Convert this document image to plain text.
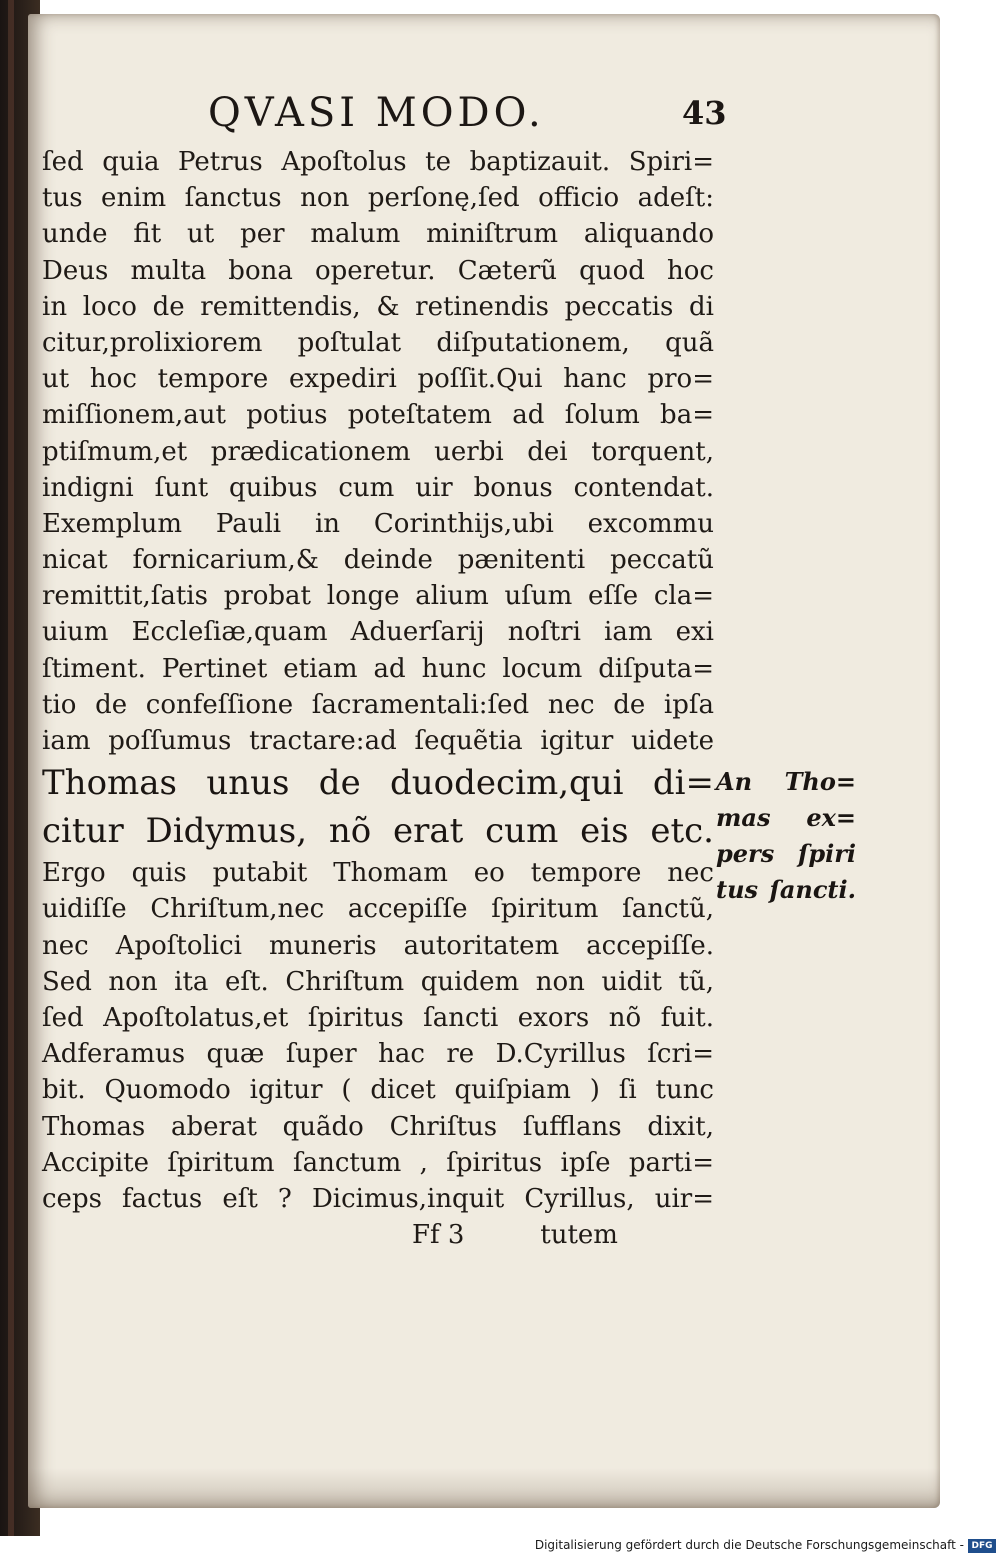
QVASI MODO.	43
ſed quia Petrus Apoſtolus te baptizauit. Spiri=
tus enim ſanctus non perſonę,ſed officio adeſt:
unde fit ut per malum miniſtrum aliquando
Deus multa bona operetur. Cæterũ quod hoc
in loco de remittendis, & retinendis peccatis di
citur,prolixiorem poſtulat diſputationem, quã
ut hoc tempore expediri poſſit.Qui hanc pro=
miſſionem,aut potius poteſtatem ad ſolum ba=
ptiſmum,et prædicationem uerbi dei torquent,
indigni ſunt quibus cum uir bonus contendat.
Exemplum Pauli in Corinthijs,ubi excommu
nicat fornicarium,& deinde pænitenti peccatũ
remittit,ſatis probat longe alium uſum eſſe cla=
uium Eccleſiæ,quam Aduerſarij noſtri iam exi
ſtiment. Pertinet etiam ad hunc locum diſputa=
tio de confeſſione ſacramentali:ſed nec de ipſa
iam poſſumus tractare:ad ſequẽtia igitur uidete
Thomas unus de duodecim,qui di=
citur Didymus, nõ erat cum eis etc.
Ergo quis putabit Thomam eo tempore nec
uidiſſe Chriſtum,nec accepiſſe ſpiritum ſanctũ,
nec Apoſtolici muneris autoritatem accepiſſe.
Sed non ita eſt. Chriſtum quidem non uidit tũ,
ſed Apoſtolatus,et ſpiritus ſancti exors nõ fuit.
Adferamus quæ ſuper hac re D.Cyrillus ſcri=
bit. Quomodo igitur ( dicet quiſpiam ) ſi tunc
Thomas aberat quãdo Chriſtus ſufflans dixit,
Accipite ſpiritum ſanctum , ſpiritus ipſe parti=
ceps factus eſt ? Dicimus,inquit Cyrillus, uir=
Ff 3	tutem
An Tho=
mas ex=
pers ſpiri
tus ſancti.
Digitalisierung gefördert durch die Deutsche Forschungsgemeinschaft - DFG
